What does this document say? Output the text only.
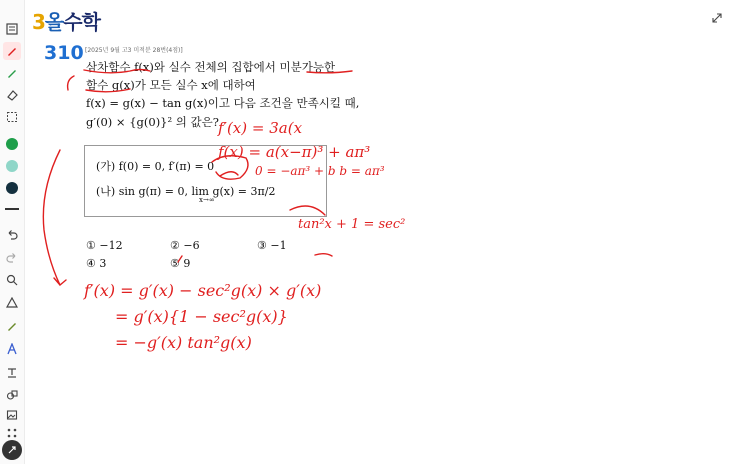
3올수학
310 [2025년 9월 고3 미적분 28번(4점)]
삼차함수 f(x)와 실수 전체의 집합에서 미분가능한
함수 g(x)가 모든 실수 x에 대하여
f(x) = g(x) − tan g(x)이고 다음 조건을 만족시킬 때,
g′(0) × {g(0)}² 의 값은?
(가) f(0) = 0, f′(π) = 0
(나) sin g(π) = 0, lim g(x) = 3π/2
x→∞
① −12	② −6	③ −1
④ 3	⑤ 9
f′(x) = 3a(x
f(x) = a(x−π)³ + aπ³
0 = −aπ³ + b b = aπ³
tan²x + 1 = sec²
f′(x) = g′(x) − sec²g(x) × g′(x)
= g′(x){1 − sec²g(x)}
= −g′(x) tan²g(x)
